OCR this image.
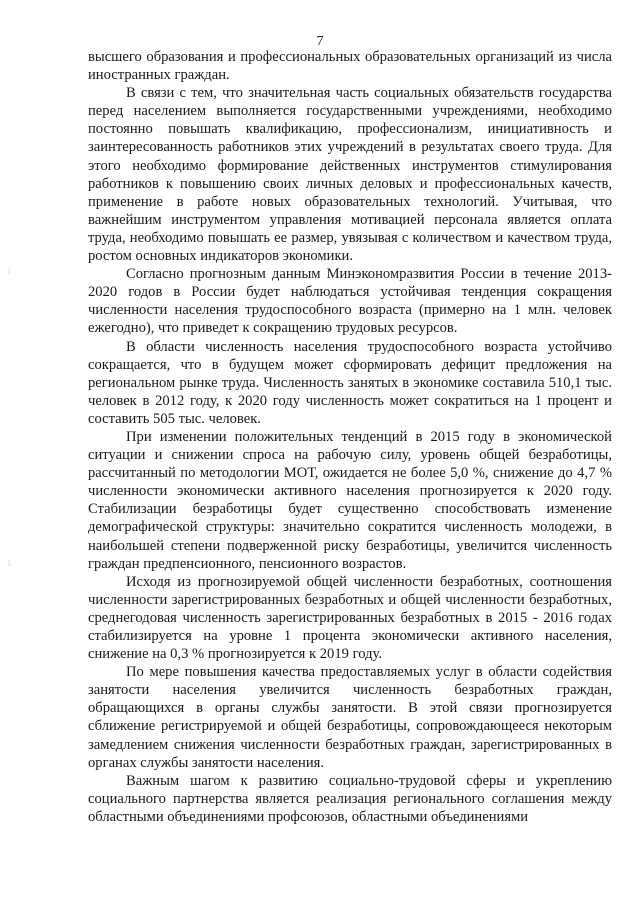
7

высшего образования и профессиональных образовательных организаций из числа иностранных граждан.

В связи с тем, что значительная часть социальных обязательств государства перед населением выполняется государственными учреждениями, необходимо постоянно повышать квалификацию, профессионализм, инициативность и заинтересованность работников этих учреждений в результатах своего труда. Для этого необходимо формирование действенных инструментов стимулирования работников к повышению своих личных деловых и профессиональных качеств, применение в работе новых образовательных технологий. Учитывая, что важнейшим инструментом управления мотивацией персонала является оплата труда, необходимо повышать ее размер, увязывая с количеством и качеством труда, ростом основных индикаторов экономики.

Согласно прогнозным данным Минэкономразвития России в течение 2013-2020 годов в России будет наблюдаться устойчивая тенденция сокращения численности населения трудоспособного возраста (примерно на 1 млн. человек ежегодно), что приведет к сокращению трудовых ресурсов.

В области численность населения трудоспособного возраста устойчиво сокращается, что в будущем может сформировать дефицит предложения на региональном рынке труда. Численность занятых в экономике составила 510,1 тыс. человек в 2012 году, к 2020 году численность может сократиться на 1 процент и составить 505 тыс. человек.

При изменении положительных тенденций в 2015 году в экономической ситуации и снижении спроса на рабочую силу, уровень общей безработицы, рассчитанный по методологии МОТ, ожидается не более 5,0 %, снижение до 4,7 % численности экономически активного населения прогнозируется к 2020 году. Стабилизации безработицы будет существенно способствовать изменение демографической структуры: значительно сократится численность молодежи, в наибольшей степени подверженной риску безработицы, увеличится численность граждан предпенсионного, пенсионного возрастов.

Исходя из прогнозируемой общей численности безработных, соотношения численности зарегистрированных безработных и общей численности безработных, среднегодовая численность зарегистрированных безработных в 2015 - 2016 годах стабилизируется на уровне 1 процента экономически активного населения, снижение на 0,3 % прогнозируется к 2019 году.

По мере повышения качества предоставляемых услуг в области содействия занятости населения увеличится численность безработных граждан, обращающихся в органы службы занятости. В этой связи прогнозируется сближение регистрируемой и общей безработицы, сопровождающееся некоторым замедлением снижения численности безработных граждан, зарегистрированных в органах службы занятости населения.

Важным шагом к развитию социально-трудовой сферы и укреплению социального партнерства является реализация регионального соглашения между областными объединениями профсоюзов, областными объединениями

⁞
⁞
